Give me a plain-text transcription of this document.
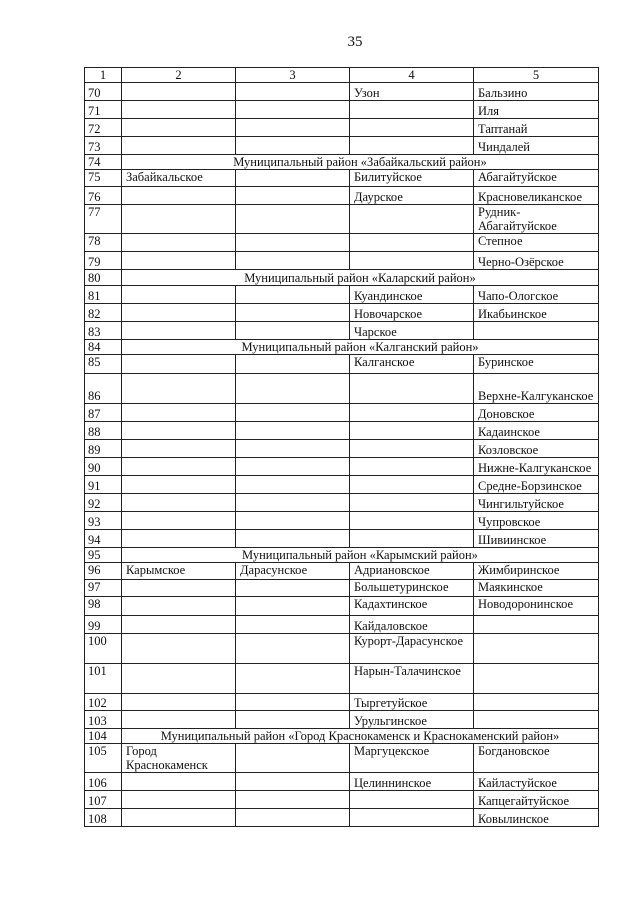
35
1	2	3	4	5
70			Узон	Бальзино
71				Иля
72				Таптанай
73				Чиндалей
74	Муниципальный район «Забайкальский район»			
75	Забайкальское		Билитуйское	Абагайтуйское
76			Даурское	Красновеликанское
77				Рудник-Абагайтуйское
78				Степное
79				Черно-Озёрское
80	Муниципальный район «Каларский район»			
81			Куандинское	Чапо-Ологское
82			Новочарское	Икабьинское
83			Чарское	
84	Муниципальный район «Калганский район»			
85			Калганское	Буринское
86				Верхне-Калгуканское
87				Доновское
88				Кадаинское
89				Козловское
90				Нижне-Калгуканское
91				Средне-Борзинское
92				Чингильтуйское
93				Чупровское
94				Шивиинское
95	Муниципальный район «Карымский район»			
96	Карымское	Дарасунское	Адриановское	Жимбиринское
97			Большетуринское	Маякинское
98			Кадахтинское	Новодоронинское
99			Кайдаловское	
100			Курорт-Дарасунское	
101			Нарын-Талачинское	
102			Тыргетуйское	
103			Урульгинское	
104	Муниципальный район «Город Краснокаменск и Краснокаменский район»			
105	Город Краснокаменск		Маргуцекское	Богдановское
106			Целиннинское	Кайластуйское
107				Капцегайтуйское
108				Ковылинское
